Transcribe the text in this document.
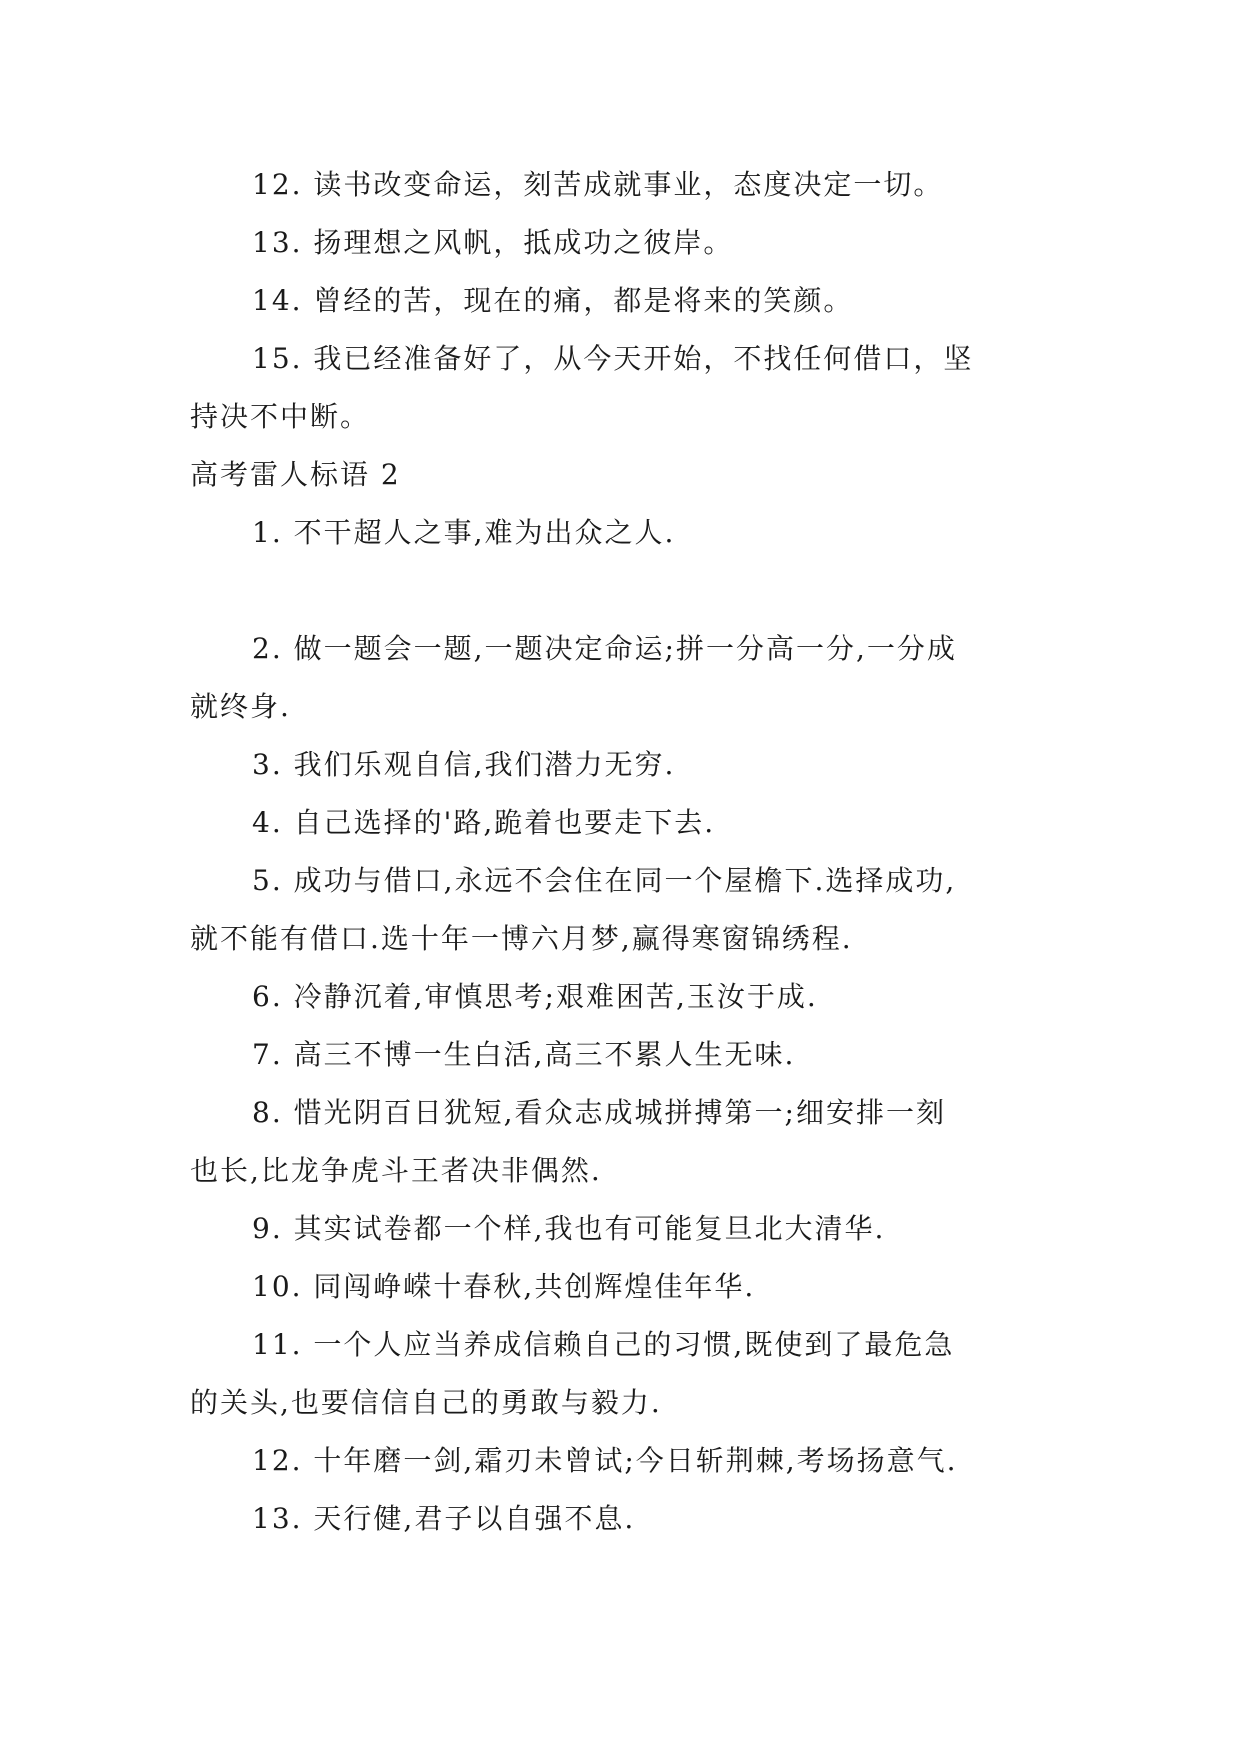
12. 读书改变命运，刻苦成就事业，态度决定一切。
13. 扬理想之风帆，抵成功之彼岸。
14. 曾经的苦，现在的痛，都是将来的笑颜。
15. 我已经准备好了，从今天开始，不找任何借口，坚
持决不中断。
高考雷人标语 2
1. 不干超人之事,难为出众之人.
2. 做一题会一题,一题决定命运;拼一分高一分,一分成
就终身.
3. 我们乐观自信,我们潜力无穷.
4. 自己选择的'路,跪着也要走下去.
5. 成功与借口,永远不会住在同一个屋檐下.选择成功,
就不能有借口.选十年一博六月梦,赢得寒窗锦绣程.
6. 冷静沉着,审慎思考;艰难困苦,玉汝于成.
7. 高三不博一生白活,高三不累人生无味.
8. 惜光阴百日犹短,看众志成城拼搏第一;细安排一刻
也长,比龙争虎斗王者决非偶然.
9. 其实试卷都一个样,我也有可能复旦北大清华.
10. 同闯峥嵘十春秋,共创辉煌佳年华.
11. 一个人应当养成信赖自己的习惯,既使到了最危急
的关头,也要信信自己的勇敢与毅力.
12. 十年磨一剑,霜刃未曾试;今日斩荆棘,考场扬意气.
13. 天行健,君子以自强不息.
